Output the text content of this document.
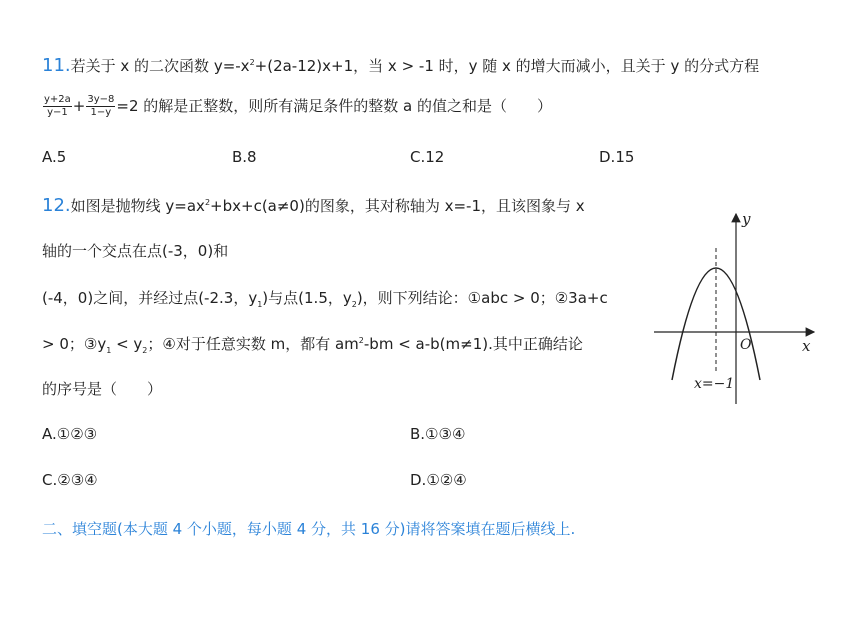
11.若关于 x 的二次函数 $y=-x^2+(2a-12)x+1$，当 x > -1 时，y 随 x 的增大而减小，且关于 y 的分式方程
$\frac{y+2a}{y-1} + \frac{3y-8}{1-y} =2$ 的解是正整数，则所有满足条件的整数 a 的值之和是（　　）
A.5	B.8	C.12	D.15
12.如图是抛物线 $y=ax^2+bx+c(a\ne 0)$的图象，其对称轴为 x=-1，且该图象与 x
轴的一个交点在点(-3，0)和
(-4，0)之间，并经过点(-2.3，$y_1$)与点(1.5，$y_2$)，则下列结论：①abc > 0；②3a+c
> 0；$③y_1 < y_2$；④对于任意实数 m，都有 $am^2-bm < a-b(m\ne 1)$.其中正确结论
的序号是（　　）
A.①②③	B.①③④
C.②③④	D.①②④
y
x
O
x=−1
二、填空题(本大题 4 个小题，每小题 4 分，共 16 分)请将答案填在题后横线上.
